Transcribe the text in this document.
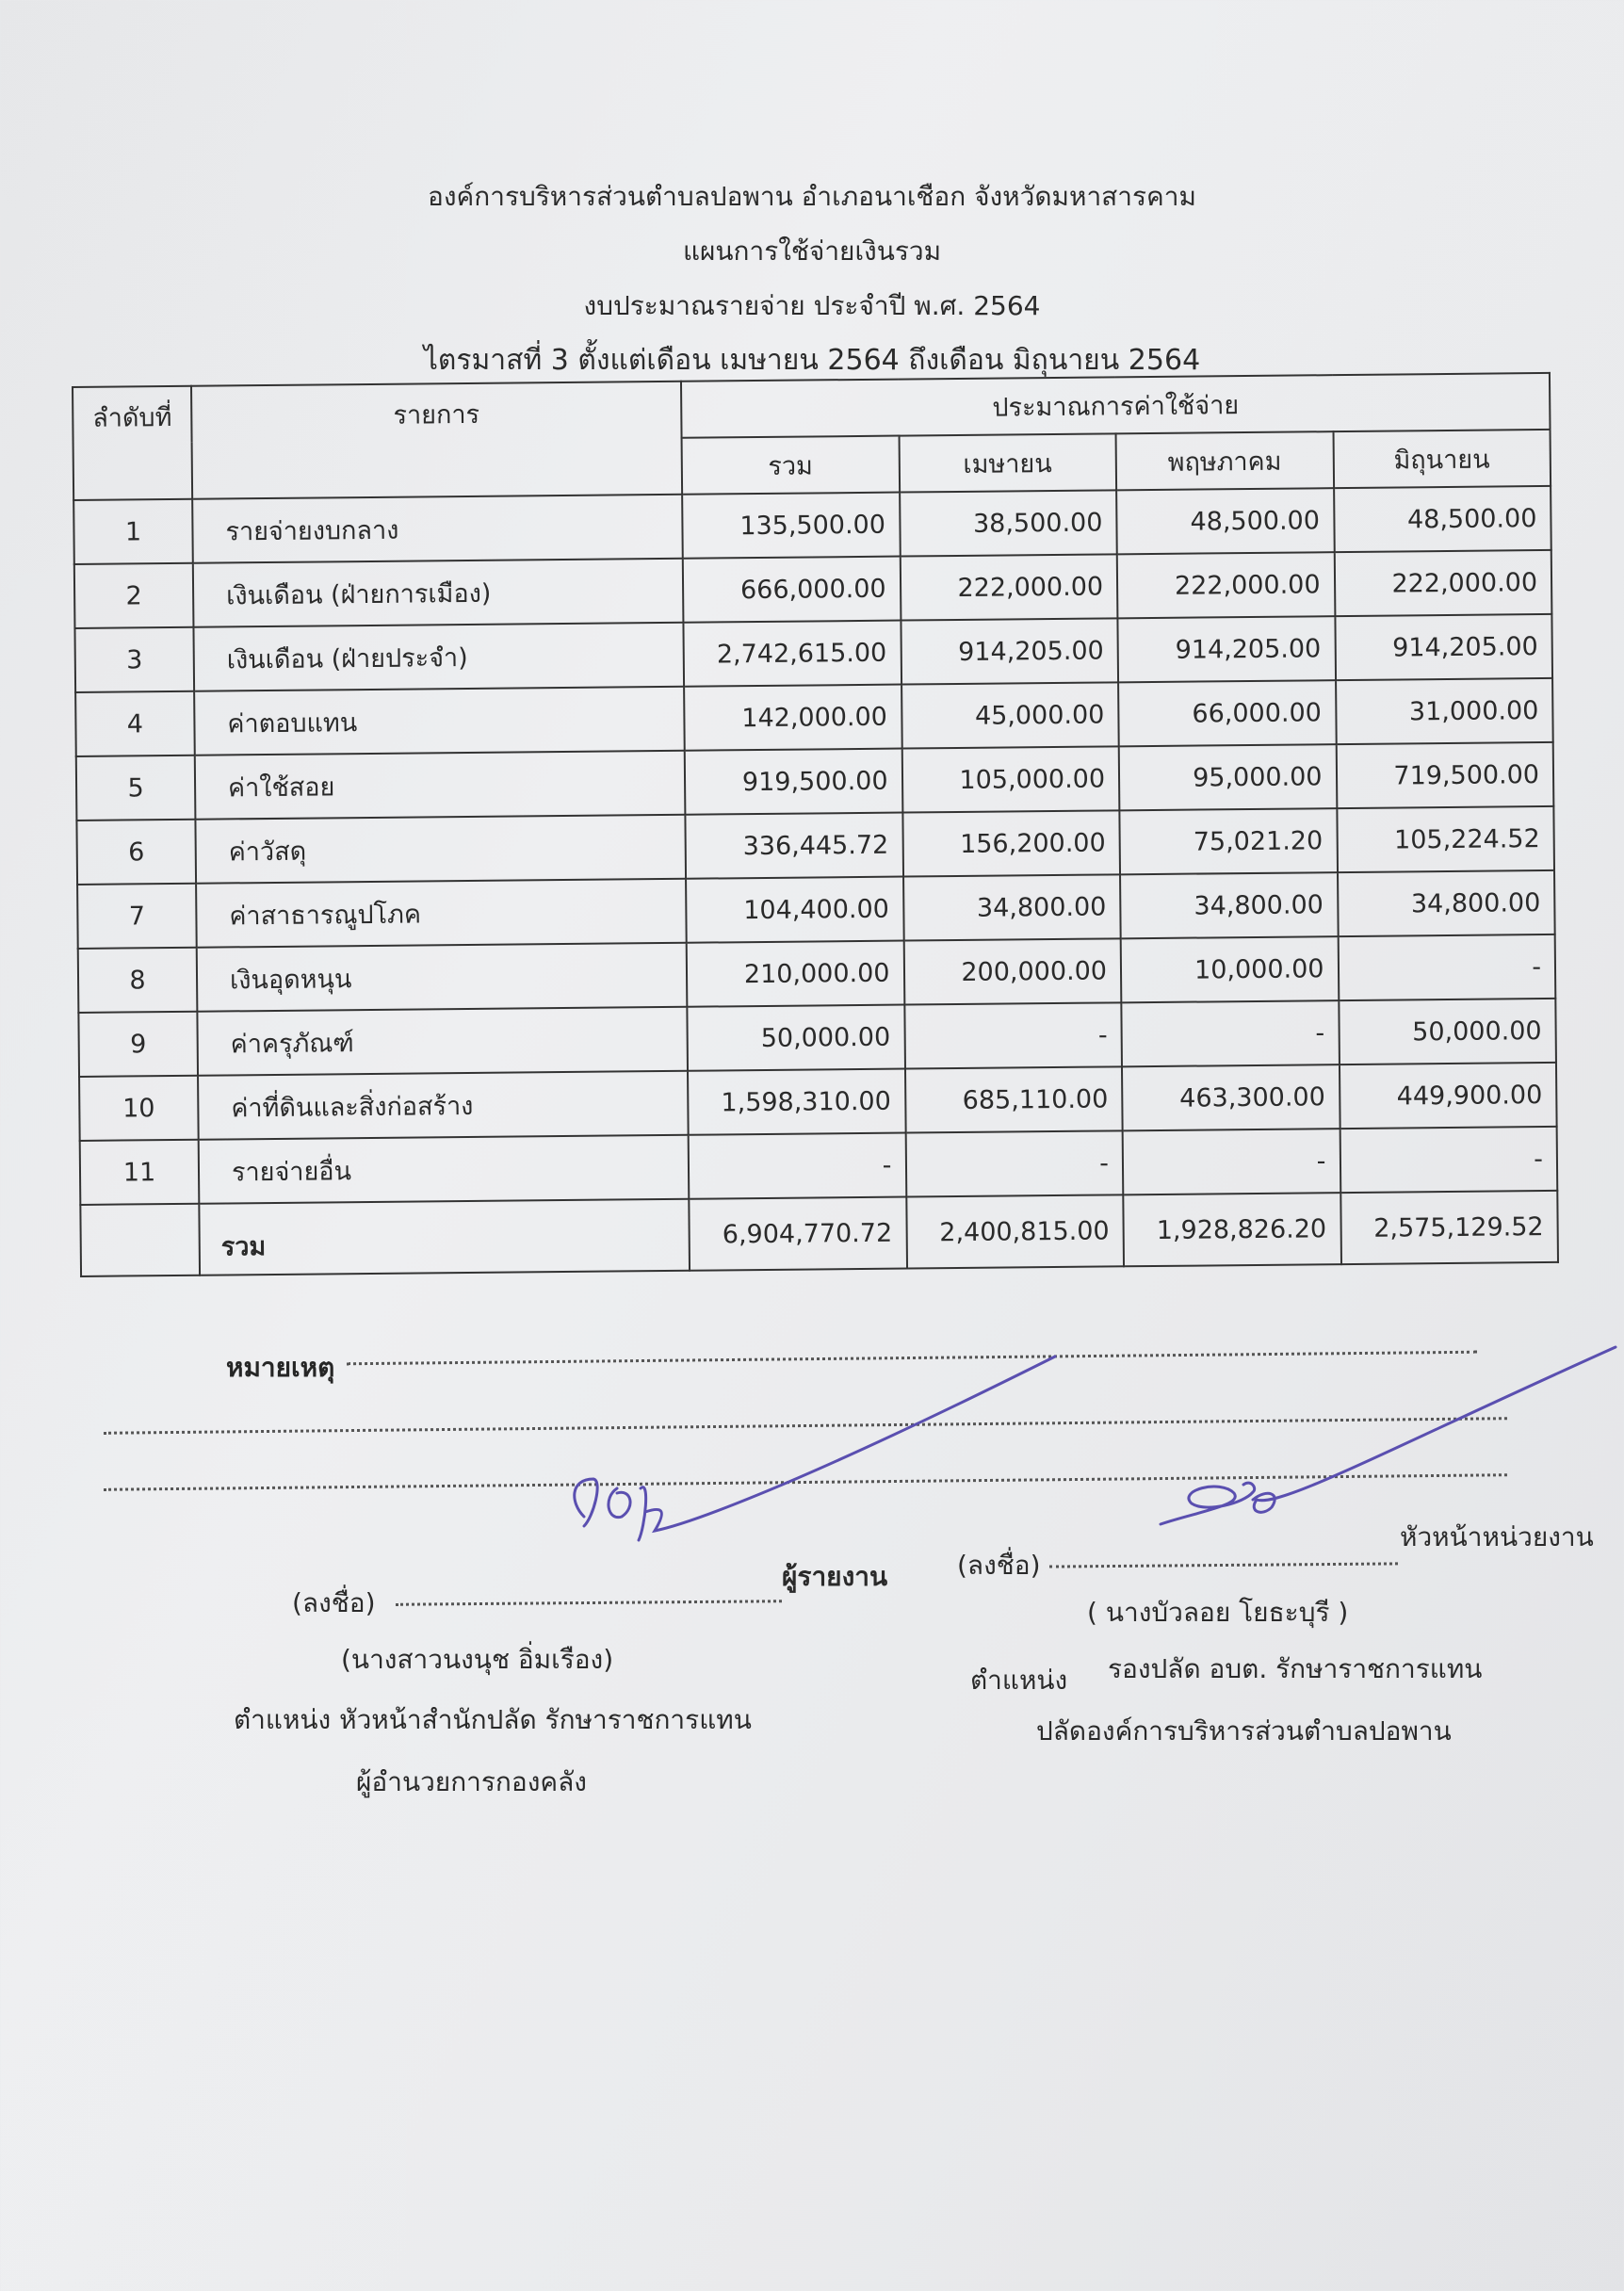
องค์การบริหารส่วนตำบลปอพาน อำเภอนาเชือก จังหวัดมหาสารคาม
แผนการใช้จ่ายเงินรวม
งบประมาณรายจ่าย ประจำปี พ.ศ. 2564
ไตรมาสที่ 3 ตั้งแต่เดือน เมษายน 2564 ถึงเดือน มิถุนายน 2564
ลำดับที่	รายการ	ประมาณการค่าใช้จ่าย			
		รวม	เมษายน	พฤษภาคม	มิถุนายน
1	รายจ่ายงบกลาง	135,500.00	38,500.00	48,500.00	48,500.00
2	เงินเดือน (ฝ่ายการเมือง)	666,000.00	222,000.00	222,000.00	222,000.00
3	เงินเดือน (ฝ่ายประจำ)	2,742,615.00	914,205.00	914,205.00	914,205.00
4	ค่าตอบแทน	142,000.00	45,000.00	66,000.00	31,000.00
5	ค่าใช้สอย	919,500.00	105,000.00	95,000.00	719,500.00
6	ค่าวัสดุ	336,445.72	156,200.00	75,021.20	105,224.52
7	ค่าสาธารณูปโภค	104,400.00	34,800.00	34,800.00	34,800.00
8	เงินอุดหนุน	210,000.00	200,000.00	10,000.00	-
9	ค่าครุภัณฑ์	50,000.00	-	-	50,000.00
10	ค่าที่ดินและสิ่งก่อสร้าง	1,598,310.00	685,110.00	463,300.00	449,900.00
11	รายจ่ายอื่น	-	-	-	-
	รวม	6,904,770.72	2,400,815.00	1,928,826.20	2,575,129.52
หมายเหตุ
(ลงชื่อ)
ผู้รายงาน
(นางสาวนงนุช อิ่มเรือง)
ตำแหน่ง หัวหน้าสำนักปลัด รักษาราชการแทน
ผู้อำนวยการกองคลัง
(ลงชื่อ)
หัวหน้าหน่วยงาน
( นางบัวลอย โยธะบุรี )
ตำแหน่ง รองปลัด อบต. รักษาราชการแทน
ปลัดองค์การบริหารส่วนตำบลปอพาน
